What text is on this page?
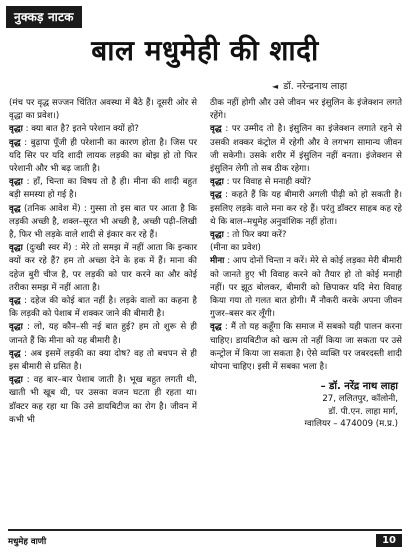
नुक्कड़ नाटक
बाल मधुमेही की शादी
◄ डॉ. नरेन्द्रनाथ लाहा

(मंच पर वृद्ध सज्जन चिंतित अवस्था में बैठे हैं। दूसरी ओर से वृद्धा का प्रवेश।)

वृद्धा : क्या बात है? इतने परेशान क्यों हो?

वृद्ध : बुढ़ापा पूँजी ही परेशानी का कारण होता है। जिस पर यदि सिर पर यदि शादी लायक लड़की का बोझ हो तो फिर परेशानी और भी बढ़ जाती है।

वृद्धा : हाँ, चिन्ता का विषय तो है ही। मीना की शादी बहुत बड़ी समस्या हो गई है।

वृद्ध (तनिक आवेश में) : गुस्सा तो इस बात पर आता है कि लड़की अच्छी है, शक्ल–सूरत भी अच्छी है, अच्छी पढ़ी–लिखी है, फिर भी लड़के वाले शादी से इंकार कर रहे हैं।

वृद्धा (दुःखी स्वर में) : मेरे तो समझ में नहीं आता कि इन्कार क्यों कर रहे हैं? हम तो अच्छा देने के हक में हैं। माना की दहेज बुरी चीज है, पर लड़की को पार करने का और कोई तरीका समझ में नहीं आता है।

वृद्ध : दहेज की कोई बात नहीं है। लड़के वालों का कहना है कि लड़की को पेशाब में शक्कर जाने की बीमारी है।

वृद्धा : लो, यह कौन–सी नई बात हुई? हम तो शुरू से ही जानते हैं कि मीना को यह बीमारी है।

वृद्ध : अब इसमें लड़की का क्या दोष? वह तो बचपन से ही इस बीमारी से ग्रसित है।

वृद्धा : वह बार–बार पेशाब जाती है। भूख बहुत लगती थी, खाती भी खूब थी, पर उसका वजन घटता ही रहता था। डॉक्टर कह रहा था कि उसे डायबिटीज का रोग है। जीवन में कभी भी

ठीक नहीं होगी और उसे जीवन भर इंसुलिन के इंजेक्शन लगते रहेंगे।

वृद्ध : पर उम्मीद तो है। इंसुलिन का इंजेक्शन लगाते रहने से उसकी शक्कर कंट्रोल में रहेगी और वे लगभग सामान्य जीवन जी सकेगी। उसके शरीर में इंसुलिन नहीं बनता। इंजेक्शन से इंसुलिन लेगी तो सब ठीक रहेगा।

वृद्धा : पर विवाह से मनाही क्यों?

वृद्ध : कहते हैं कि यह बीमारी अगली पीढ़ी को हो सकती है। इसलिए लड़के वाले मना कर रहे हैं। परंतु डॉक्टर साहब कह रहे थे कि बाल–मधुमेह अनुवांशिक नहीं होता।

वृद्धा : तो फिर क्या करें?

(मीना का प्रवेश)

मीना : आप दोनों चिन्ता न करें। मेरे से कोई लड़का मेरी बीमारी को जानते हुए भी विवाह करने को तैयार हो तो कोई मनाही नहीं। पर झूठ बोलकर, बीमारी को छिपाकर यदि मेरा विवाह किया गया तो गलत बात होगी। मैं नौकरी करके अपना जीवन गुजर–बसर कर लूँगी।

वृद्ध : मैं तो यह कहूँगा कि समाज में सबको यही पालन करना चाहिए। डायबिटीज को खत्म तो नहीं किया जा सकता पर उसे कन्ट्रोल में किया जा सकता है। ऐसे व्यक्ति पर जबरदस्ती शादी थोपना चाहिए। इसी में सबका भला है।

– डॉ. नरेंद्र नाथ लाहा
27, ललितपुर, कॉलोनी,
डॉ. पी.एन. लाहा मार्ग,
ग्वालियर – 474009 (म.प्र.)
मधुमेह वाणी	10
